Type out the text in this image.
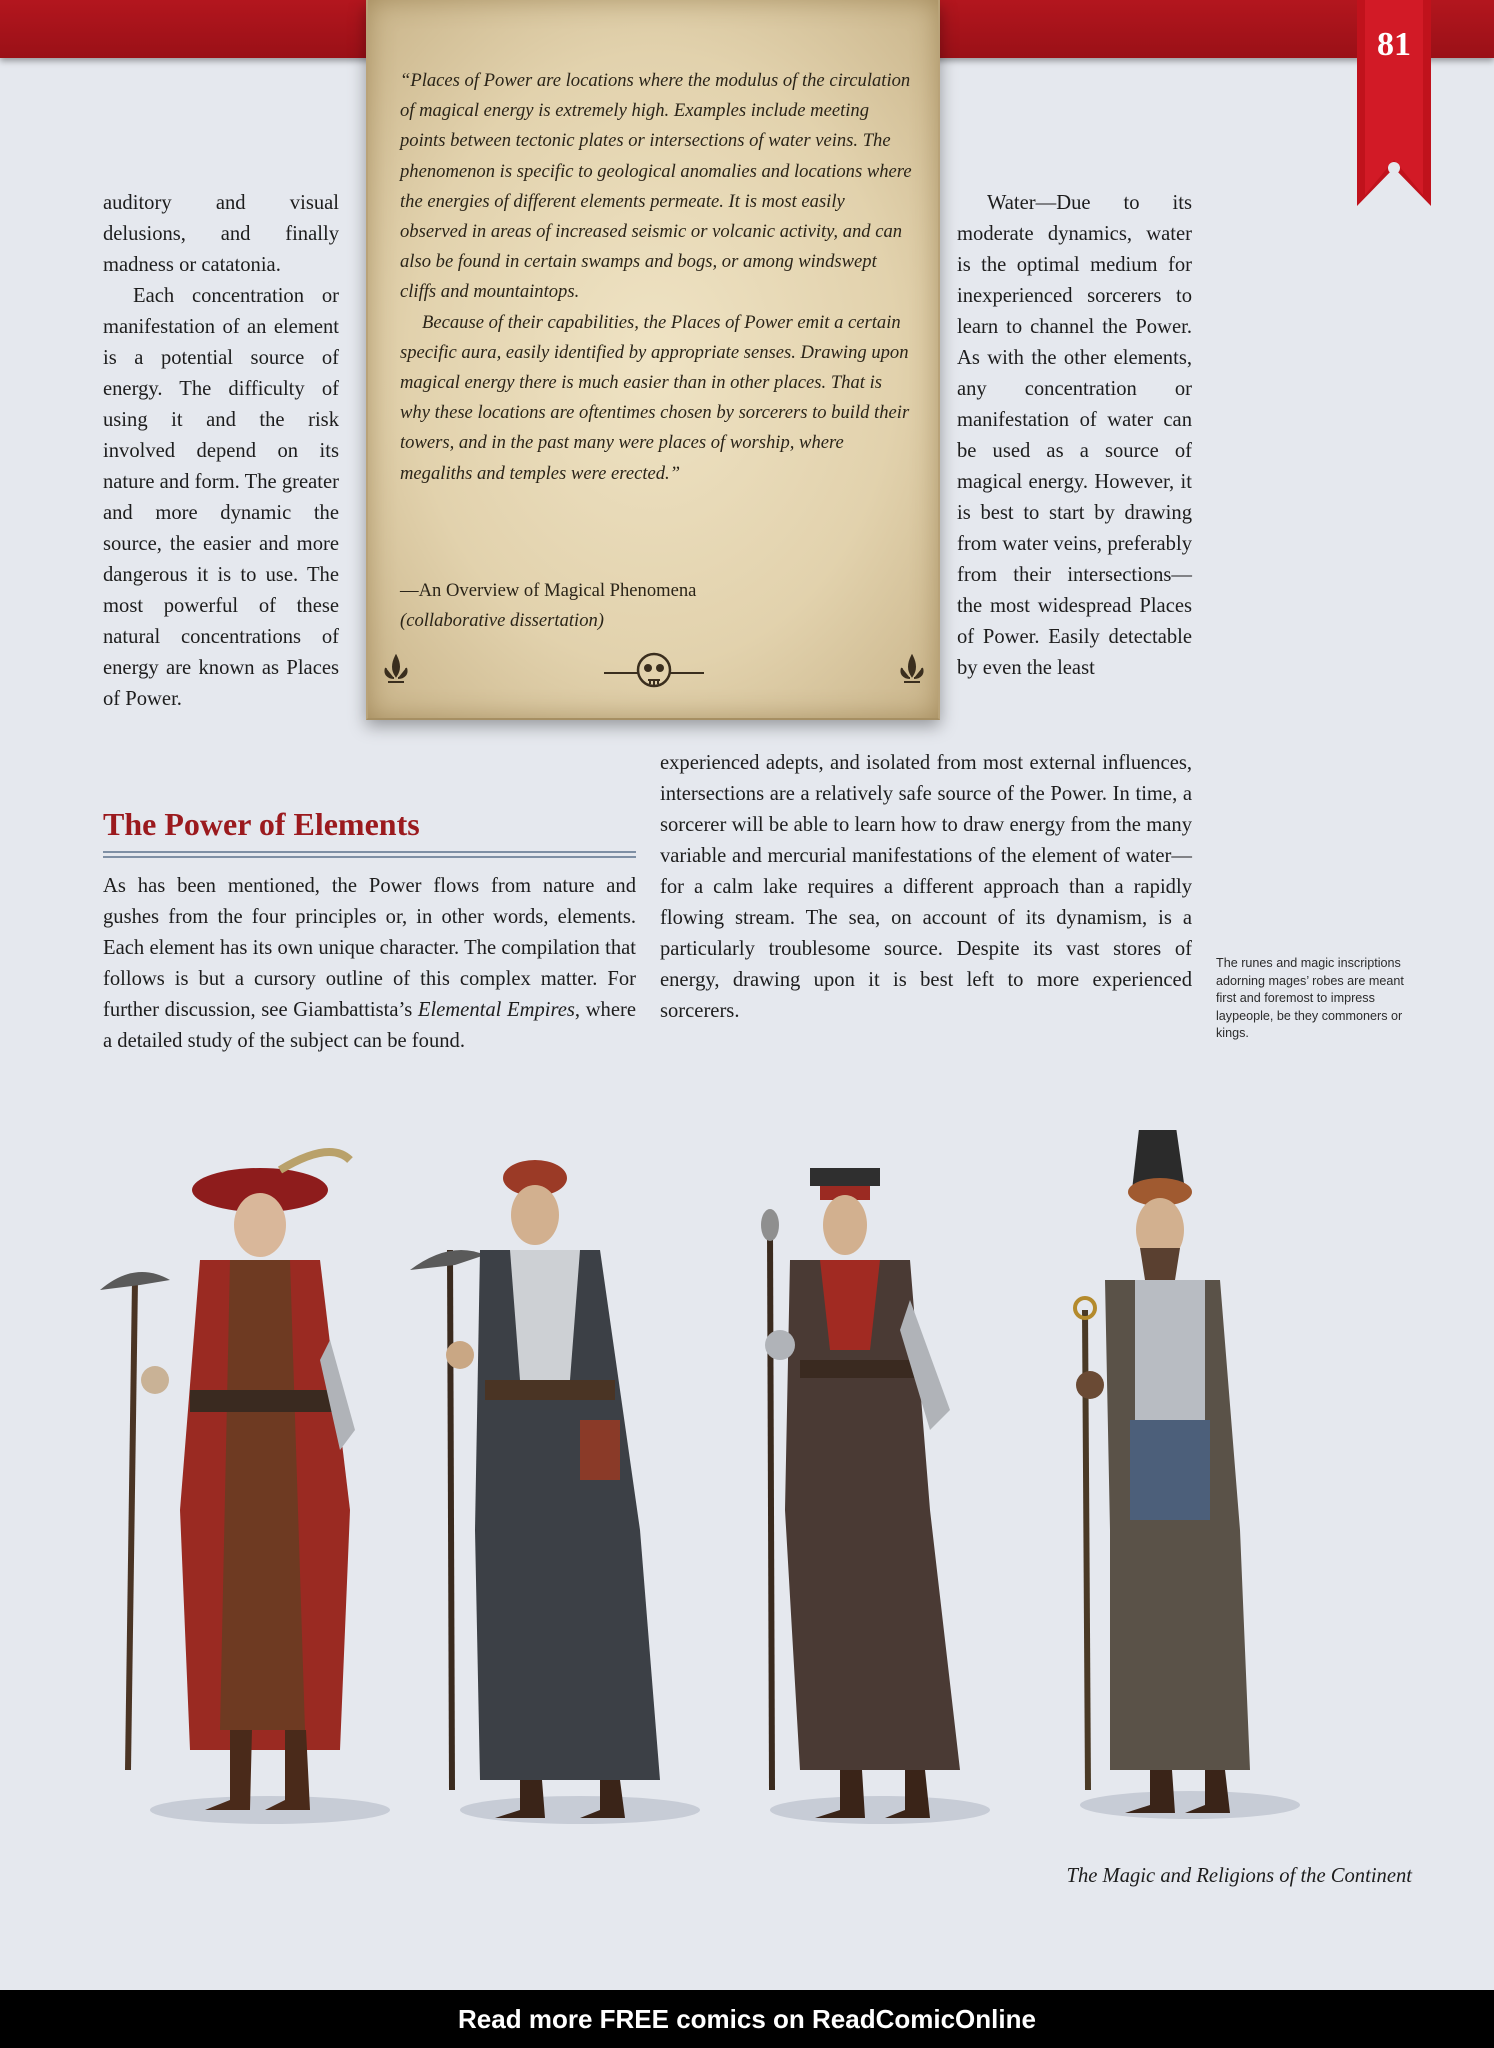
81

“Places of Power are locations where the modulus of the circulation of magical energy is extremely high. Examples include meeting points between tectonic plates or intersections of water veins. The phenomenon is specific to geological anomalies and locations where the energies of different elements permeate. It is most easily observed in areas of increased seismic or volcanic activity, and can also be found in certain swamps and bogs, or among windswept cliffs and mountaintops.

Because of their capabilities, the Places of Power emit a certain specific aura, easily identified by appropriate senses. Drawing upon magical energy there is much easier than in other places. That is why these locations are oftentimes chosen by sorcerers to build their towers, and in the past many were places of worship, where megaliths and temples were erected.”

—An Overview of Magical Phenomena
(collaborative dissertation)

auditory and visual delusions, and finally madness or catatonia.

Each concentration or manifestation of an element is a potential source of energy. The difficulty of using it and the risk involved depend on its nature and form. The greater and more dynamic the source, the easier and more dangerous it is to use. The most powerful of these natural concentrations of energy are known as Places of Power.

Water—Due to its moderate dynamics, water is the optimal medium for inexperienced sorcerers to learn to channel the Power. As with the other elements, any concentration or manifestation of water can be used as a source of magical energy. However, it is best to start by drawing from water veins, preferably from their intersections—the most widespread Places of Power. Easily detectable by even the least

experienced adepts, and isolated from most external influences, intersections are a relatively safe source of the Power. In time, a sorcerer will be able to learn how to draw energy from the many variable and mercurial manifestations of the element of water—for a calm lake requires a different approach than a rapidly flowing stream. The sea, on account of its dynamism, is a particularly troublesome source. Despite its vast stores of energy, drawing upon it is best left to more experienced sorcerers.

The Power of Elements

As has been mentioned, the Power flows from nature and gushes from the four principles or, in other words, elements. Each element has its own unique character. The compilation that follows is but a cursory outline of this complex matter. For further discussion, see Giambattista’s Elemental Empires, where a detailed study of the subject can be found.

The runes and magic inscriptions adorning mages’ robes are meant first and foremost to impress laypeople, be they commoners or kings.
The Magic and Religions of the Continent
Read more FREE comics on ReadComicOnline
